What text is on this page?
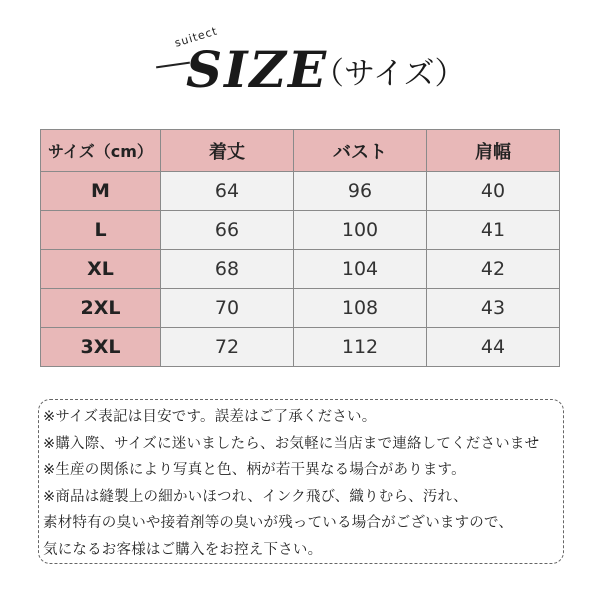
suitect
SIZE
（サイズ）
サイズ（cm）	着丈	バスト	肩幅
M	64	96	40
L	66	100	41
XL	68	104	42
2XL	70	108	43
3XL	72	112	44
※サイズ表記は目安です。誤差はご了承ください。
※購入際、サイズに迷いましたら、お気軽に当店まで連絡してくださいませ
※生産の関係により写真と色、柄が若干異なる場合があります。
※商品は縫製上の細かいほつれ、インク飛び、織りむら、汚れ、
素材特有の臭いや接着剤等の臭いが残っている場合がございますので、
気になるお客様はご購入をお控え下さい。
